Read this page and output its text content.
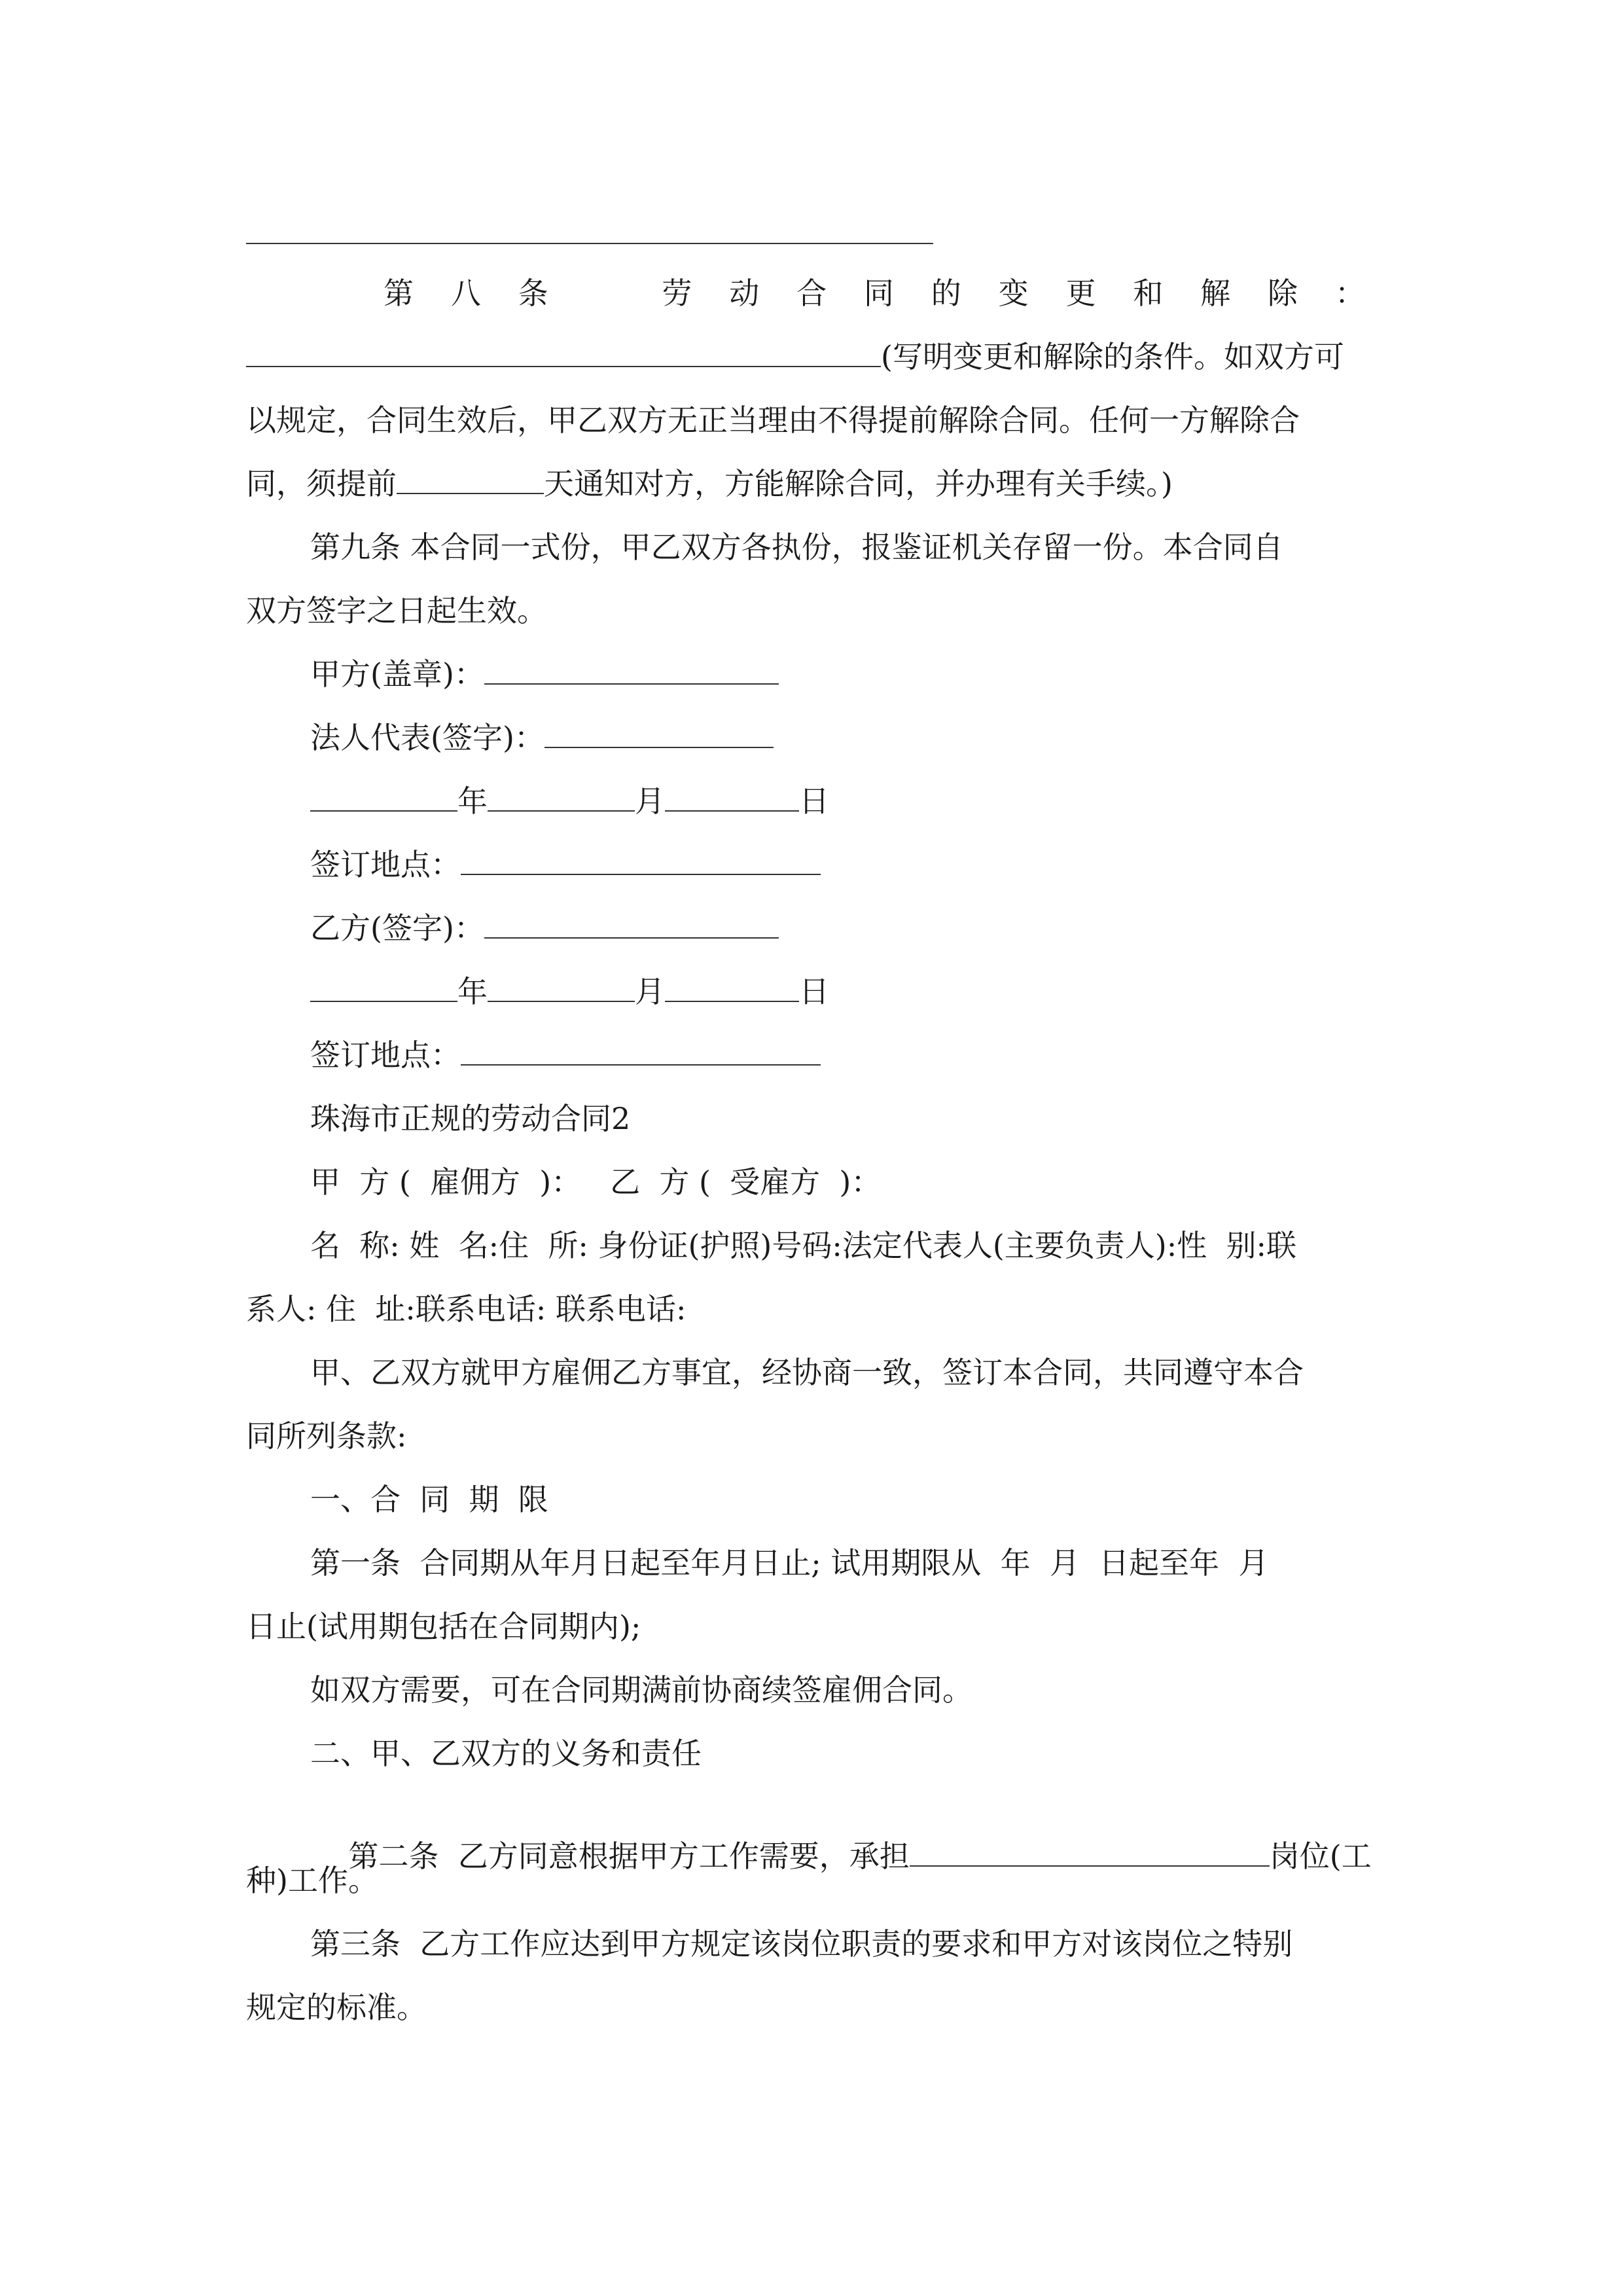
第 八 条	劳 动 合 同 的 变 更 和 解 除 ：
(写明变更和解除的条件。如双方可
以规定，合同生效后，甲乙双方无正当理由不得提前解除合同。任何一方解除合
同，须提前	天通知对方，方能解除合同，并办理有关手续。)
第九条 本合同一式份，甲乙双方各执份，报鉴证机关存留一份。本合同自
双方签字之日起生效。
甲方(盖章)：
法人代表(签字)：
年	月	日
签订地点：
乙方(签字)：
年	月	日
签订地点：
珠海市正规的劳动合同2
甲  方 (  雇佣方  )：   乙  方 (  受雇方  )：
名  称: 姓  名:住  所: 身份证(护照)号码:法定代表人(主要负责人):性  别:联
系人: 住  址:联系电话: 联系电话:
甲、乙双方就甲方雇佣乙方事宜，经协商一致，签订本合同，共同遵守本合
同所列条款:
一、合  同  期  限
第一条  合同期从年月日起至年月日止; 试用期限从  年  月  日起至年  月
日止(试用期包括在合同期内);
如双方需要，可在合同期满前协商续签雇佣合同。
二、甲、乙双方的义务和责任

第二条  乙方同意根据甲方工作需要，承担	岗位(工

种)工作。
第三条  乙方工作应达到甲方规定该岗位职责的要求和甲方对该岗位之特别
规定的标准。
